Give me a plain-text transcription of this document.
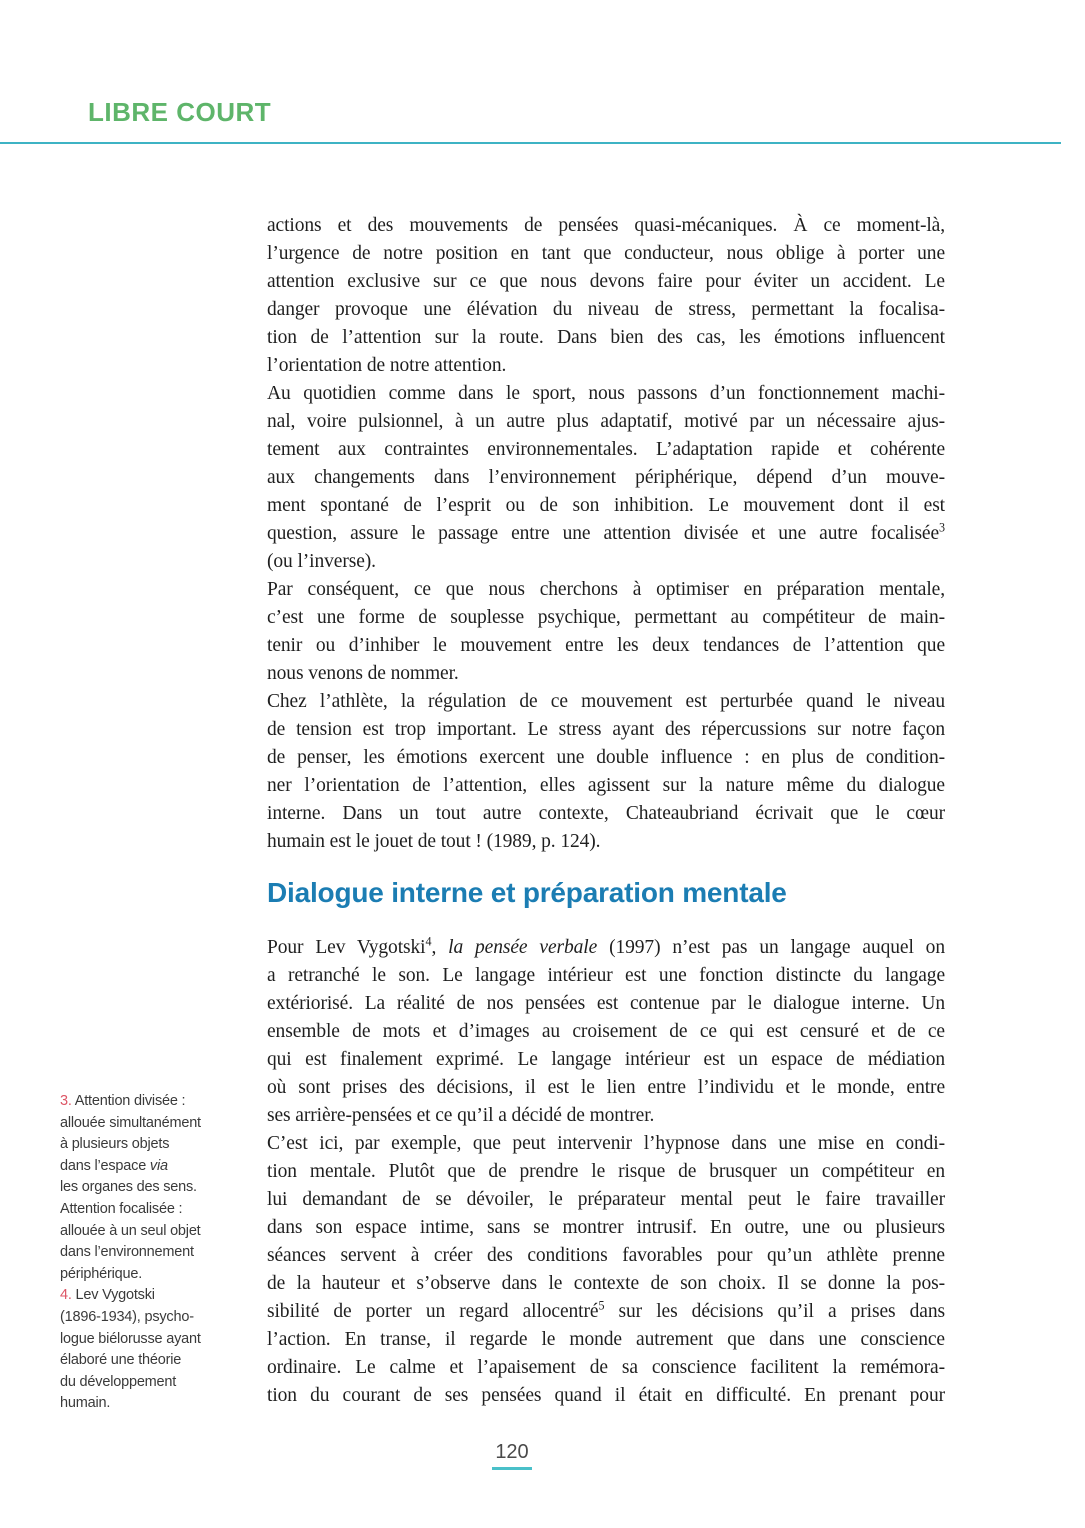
LIBRE COURT
3. Attention divisée :
allouée simultanément
à plusieurs objets
dans l’espace via
les organes des sens.
Attention focalisée :
allouée à un seul objet
dans l’environnement
périphérique.
4. Lev Vygotski
(1896-1934), psycho-
logue biélorusse ayant
élaboré une théorie
du développement
humain.
actions et des mouvements de pensées quasi-mécaniques. À ce moment-là,
l’urgence de notre position en tant que conducteur, nous oblige à porter une
attention exclusive sur ce que nous devons faire pour éviter un accident. Le
danger provoque une élévation du niveau de stress, permettant la focalisa-
tion de l’attention sur la route. Dans bien des cas, les émotions influencent
l’orientation de notre attention.
Au quotidien comme dans le sport, nous passons d’un fonctionnement machi-
nal, voire pulsionnel, à un autre plus adaptatif, motivé par un nécessaire ajus-
tement aux contraintes environnementales. L’adaptation rapide et cohérente
aux changements dans l’environnement périphérique, dépend d’un mouve-
ment spontané de l’esprit ou de son inhibition. Le mouvement dont il est
question, assure le passage entre une attention divisée et une autre focalisée$^3$
(ou l’inverse).
Par conséquent, ce que nous cherchons à optimiser en préparation mentale,
c’est une forme de souplesse psychique, permettant au compétiteur de main-
tenir ou d’inhiber le mouvement entre les deux tendances de l’attention que
nous venons de nommer.
Chez l’athlète, la régulation de ce mouvement est perturbée quand le niveau
de tension est trop important. Le stress ayant des répercussions sur notre façon
de penser, les émotions exercent une double influence : en plus de condition-
ner l’orientation de l’attention, elles agissent sur la nature même du dialogue
interne. Dans un tout autre contexte, Chateaubriand écrivait que le cœur
humain est le jouet de tout ! (1989, p. 124).
Dialogue interne et préparation mentale
Pour Lev Vygotski$^4$, la pensée verbale (1997) n’est pas un langage auquel on
a retranché le son. Le langage intérieur est une fonction distincte du langage
extériorisé. La réalité de nos pensées est contenue par le dialogue interne. Un
ensemble de mots et d’images au croisement de ce qui est censuré et de ce
qui est finalement exprimé. Le langage intérieur est un espace de médiation
où sont prises des décisions, il est le lien entre l’individu et le monde, entre
ses arrière-pensées et ce qu’il a décidé de montrer.
C’est ici, par exemple, que peut intervenir l’hypnose dans une mise en condi-
tion mentale. Plutôt que de prendre le risque de brusquer un compétiteur en
lui demandant de se dévoiler, le préparateur mental peut le faire travailler
dans son espace intime, sans se montrer intrusif. En outre, une ou plusieurs
séances servent à créer des conditions favorables pour qu’un athlète prenne
de la hauteur et s’observe dans le contexte de son choix. Il se donne la pos-
sibilité de porter un regard allocentré$^5$ sur les décisions qu’il a prises dans
l’action. En transe, il regarde le monde autrement que dans une conscience
ordinaire. Le calme et l’apaisement de sa conscience facilitent la remémora-
tion du courant de ses pensées quand il était en difficulté. En prenant pour
120
